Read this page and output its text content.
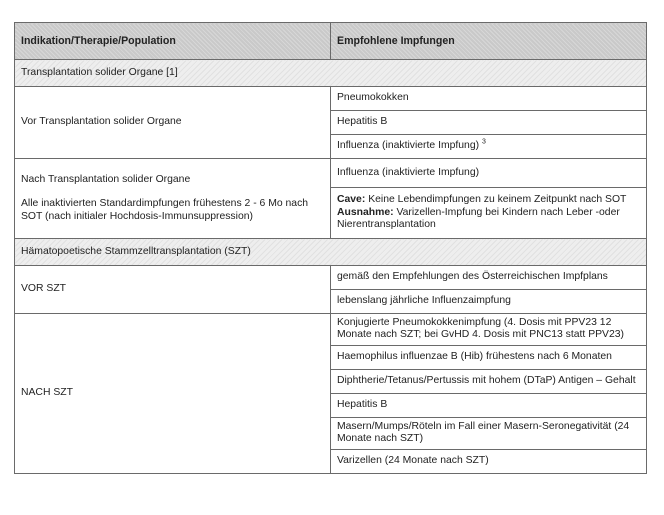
Indikation/Therapie/Population	Empfohlene Impfungen
Transplantation solider Organe [1]	
Vor Transplantation solider Organe	Pneumokokken
	Hepatitis B
	Influenza (inaktivierte Impfung) $^3$

Nach Transplantation solider Organe
Alle inaktivierten Standardimpfungen frühestens 2 - 6 Mo nach SOT (nach initialer Hochdosis-Immunsuppression)	Influenza (inaktivierte Impfung)

	Cave: Keine Lebendimpfungen zu keinem Zeitpunkt nach SOT
Ausnahme: Varizellen-Impfung bei Kindern nach Leber -oder Nierentransplantation

Hämatopoetische Stammzelltransplantation (SZT)	
VOR SZT	gemäß den Empfehlungen des Österreichischen Impfplans
	lebenslang jährliche Influenzaimpfung
NACH SZT	Konjugierte Pneumokokkenimpfung (4. Dosis mit PPV23 12 Monate nach SZT; bei GvHD 4. Dosis mit PNC13 statt PPV23)
	Haemophilus influenzae B (Hib) frühestens nach 6 Monaten
	Diphtherie/Tetanus/Pertussis mit hohem (DTaP) Antigen – Gehalt
	Hepatitis B
	Masern/Mumps/Röteln im Fall einer Masern-Seronegativität (24 Monate nach SZT)
	Varizellen (24 Monate nach SZT)
